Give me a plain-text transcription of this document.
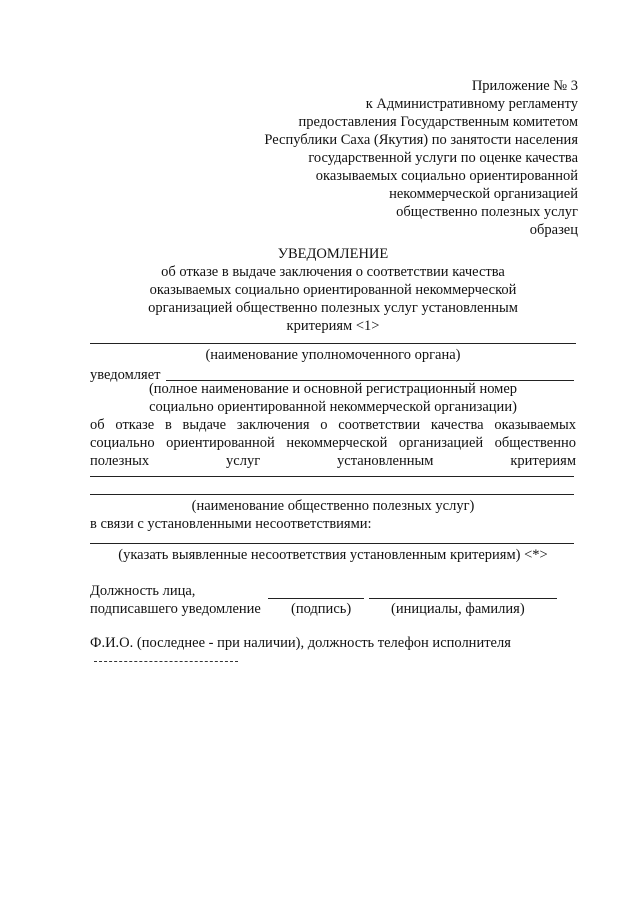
Приложение № 3
к Административному регламенту
предоставления Государственным комитетом
Республики Саха (Якутия) по занятости населения
государственной услуги по оценке качества
оказываемых социально ориентированной
некоммерческой организацией
общественно полезных услуг
образец
УВЕДОМЛЕНИЕ
об отказе в выдаче заключения о соответствии качества
оказываемых социально ориентированной некоммерческой
организацией общественно полезных услуг установленным
критериям <1>
(наименование уполномоченного органа)
уведомляет
(полное наименование и основной регистрационный номер
социально ориентированной некоммерческой организации)
об отказе в выдаче заключения о соответствии качества оказываемых
социально ориентированной некоммерческой организацией общественно
полезных услуг установленным критериям
(наименование общественно полезных услуг)
в связи с установленными несоответствиями:
(указать выявленные несоответствия установленным критериям) <*>
Должность лица,
подписавшего уведомление (подпись)	(инициалы, фамилия)
Ф.И.О. (последнее - при наличии), должность телефон исполнителя
